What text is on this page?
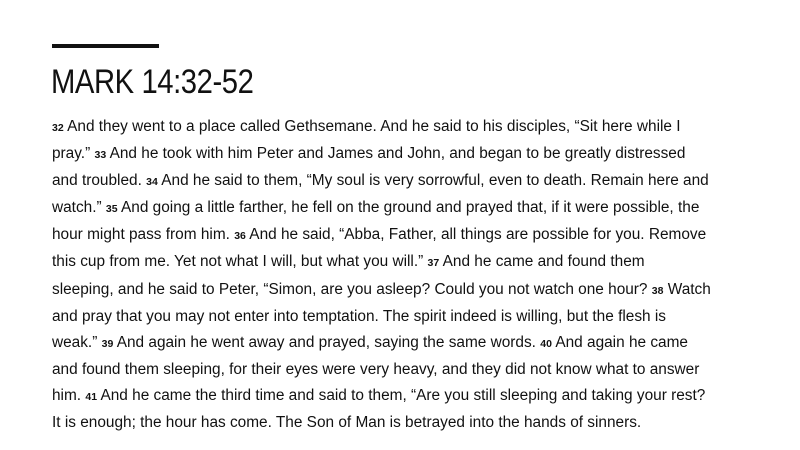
MARK 14:32-52
32 And they went to a place called Gethsemane. And he said to his disciples, “Sit here while I
pray.” 33 And he took with him Peter and James and John, and began to be greatly distressed
and troubled. 34 And he said to them, “My soul is very sorrowful, even to death. Remain here and
watch.” 35 And going a little farther, he fell on the ground and prayed that, if it were possible, the
hour might pass from him. 36 And he said, “Abba, Father, all things are possible for you. Remove
this cup from me. Yet not what I will, but what you will.” 37 And he came and found them
sleeping, and he said to Peter, “Simon, are you asleep? Could you not watch one hour? 38 Watch
and pray that you may not enter into temptation. The spirit indeed is willing, but the flesh is
weak.” 39 And again he went away and prayed, saying the same words. 40 And again he came
and found them sleeping, for their eyes were very heavy, and they did not know what to answer
him. 41 And he came the third time and said to them, “Are you still sleeping and taking your rest?
It is enough; the hour has come. The Son of Man is betrayed into the hands of sinners.
